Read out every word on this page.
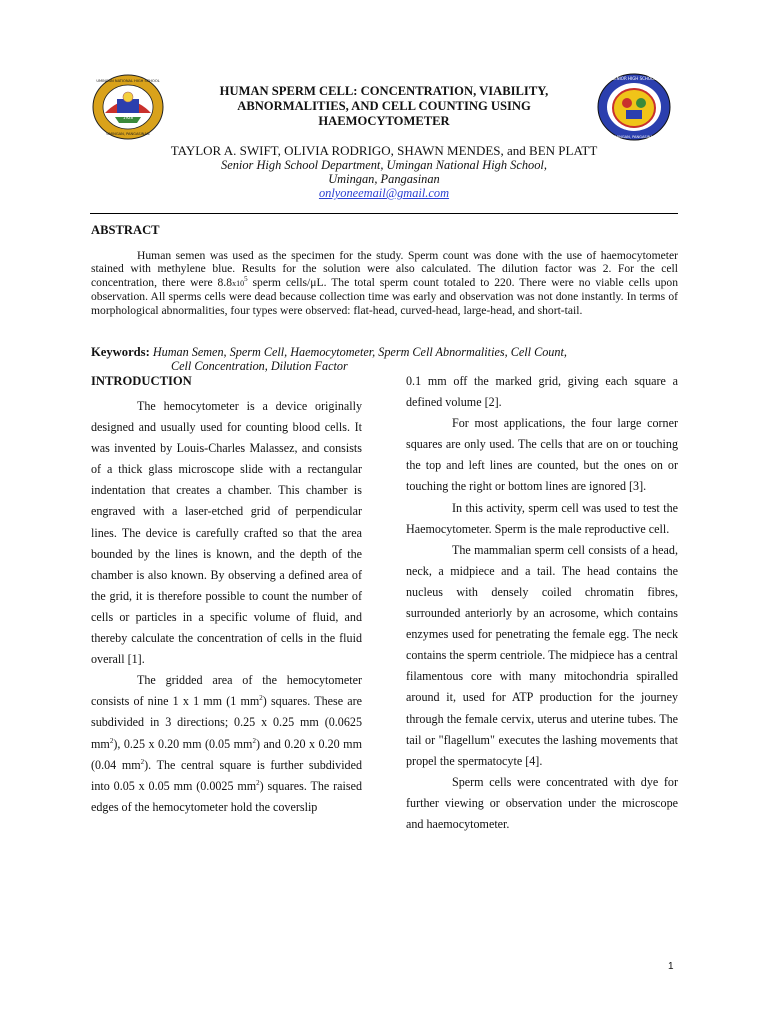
1928
UMINGAN, PANGASINAN
UMINGAN NATIONAL HIGH SCHOOL	SENIOR HIGH SCHOOL
UMINGAN, PANGASINAN
HUMAN SPERM CELL: CONCENTRATION, VIABILITY,
ABNORMALITIES, AND CELL COUNTING USING
HAEMOCYTOMETER
TAYLOR A. SWIFT, OLIVIA RODRIGO, SHAWN MENDES, and BEN PLATT
Senior High School Department, Umingan National High School,
Umingan, Pangasinan
onlyoneemail@gmail.com
ABSTRACT
Human semen was used as the specimen for the study. Sperm count was done with the use of haemocytometer stained with methylene blue. Results for the solution were also calculated. The dilution factor was 2. For the cell concentration, there were $8.8x10^5$ sperm cells/μL. The total sperm count totaled to 220. There were no viable cells upon observation. All sperms cells were dead because collection time was early and observation was not done instantly. In terms of morphological abnormalities, four types were observed: flat-head, curved-head, large-head, and short-tail.
Keywords: Human Semen, Sperm Cell, Haemocytometer, Sperm Cell Abnormalities, Cell Count,
Cell Concentration, Dilution Factor

INTRODUCTION

The hemocytometer is a device originally designed and usually used for counting blood cells. It was invented by Louis-Charles Malassez, and consists of a thick glass microscope slide with a rectangular indentation that creates a chamber. This chamber is engraved with a laser-etched grid of perpendicular lines. The device is carefully crafted so that the area bounded by the lines is known, and the depth of the chamber is also known. By observing a defined area of the grid, it is therefore possible to count the number of cells or particles in a specific volume of fluid, and thereby calculate the concentration of cells in the fluid overall [1].

The gridded area of the hemocytometer consists of nine 1 x 1 mm (1 $mm^2$) squares. These are subdivided in 3 directions; 0.25 x 0.25 mm (0.0625 $mm^2$), 0.25 x 0.20 mm (0.05 $mm^2$) and 0.20 x 0.20 mm (0.04 $mm^2$). The central square is further subdivided into 0.05 x 0.05 mm (0.0025 $mm^2$) squares. The raised edges of the hemocytometer hold the coverslip

0.1 mm off the marked grid, giving each square a defined volume [2].

For most applications, the four large corner squares are only used. The cells that are on or touching the top and left lines are counted, but the ones on or touching the right or bottom lines are ignored [3].

In this activity, sperm cell was used to test the Haemocytometer. Sperm is the male reproductive cell.

The mammalian sperm cell consists of a head, neck, a midpiece and a tail. The head contains the nucleus with densely coiled chromatin fibres, surrounded anteriorly by an acrosome, which contains enzymes used for penetrating the female egg. The neck contains the sperm centriole. The midpiece has a central filamentous core with many mitochondria spiralled around it, used for ATP production for the journey through the female cervix, uterus and uterine tubes. The tail or "flagellum" executes the lashing movements that propel the spermatocyte [4].

Sperm cells were concentrated with dye for further viewing or observation under the microscope and haemocytometer.

1
